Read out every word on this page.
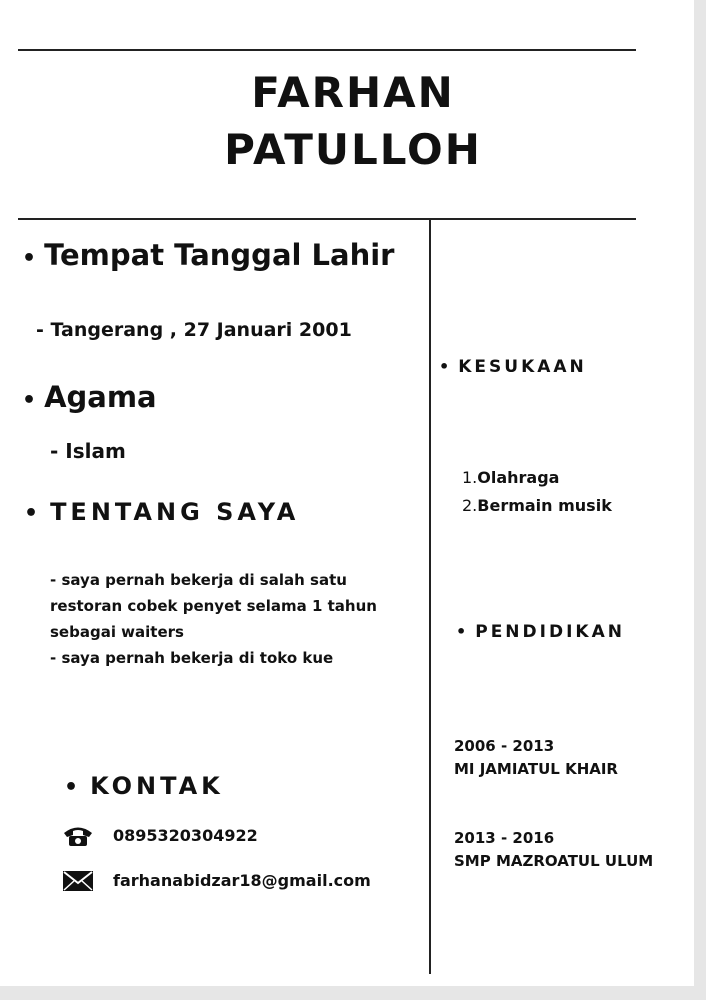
FARHAN
PATULLOH
• Tempat Tanggal Lahir
- Tangerang , 27 Januari 2001
• Agama
- Islam
• TENTANG SAYA
- saya pernah bekerja di salah satu
restoran cobek penyet selama 1 tahun
sebagai waiters
- saya pernah bekerja di toko kue
• KONTAK
0895320304922
farhanabidzar18@gmail.com
• KESUKAAN
1.Olahraga
2.Bermain musik
• PENDIDIKAN
2006 - 2013
MI JAMIATUL KHAIR
2013 - 2016
SMP MAZROATUL ULUM
